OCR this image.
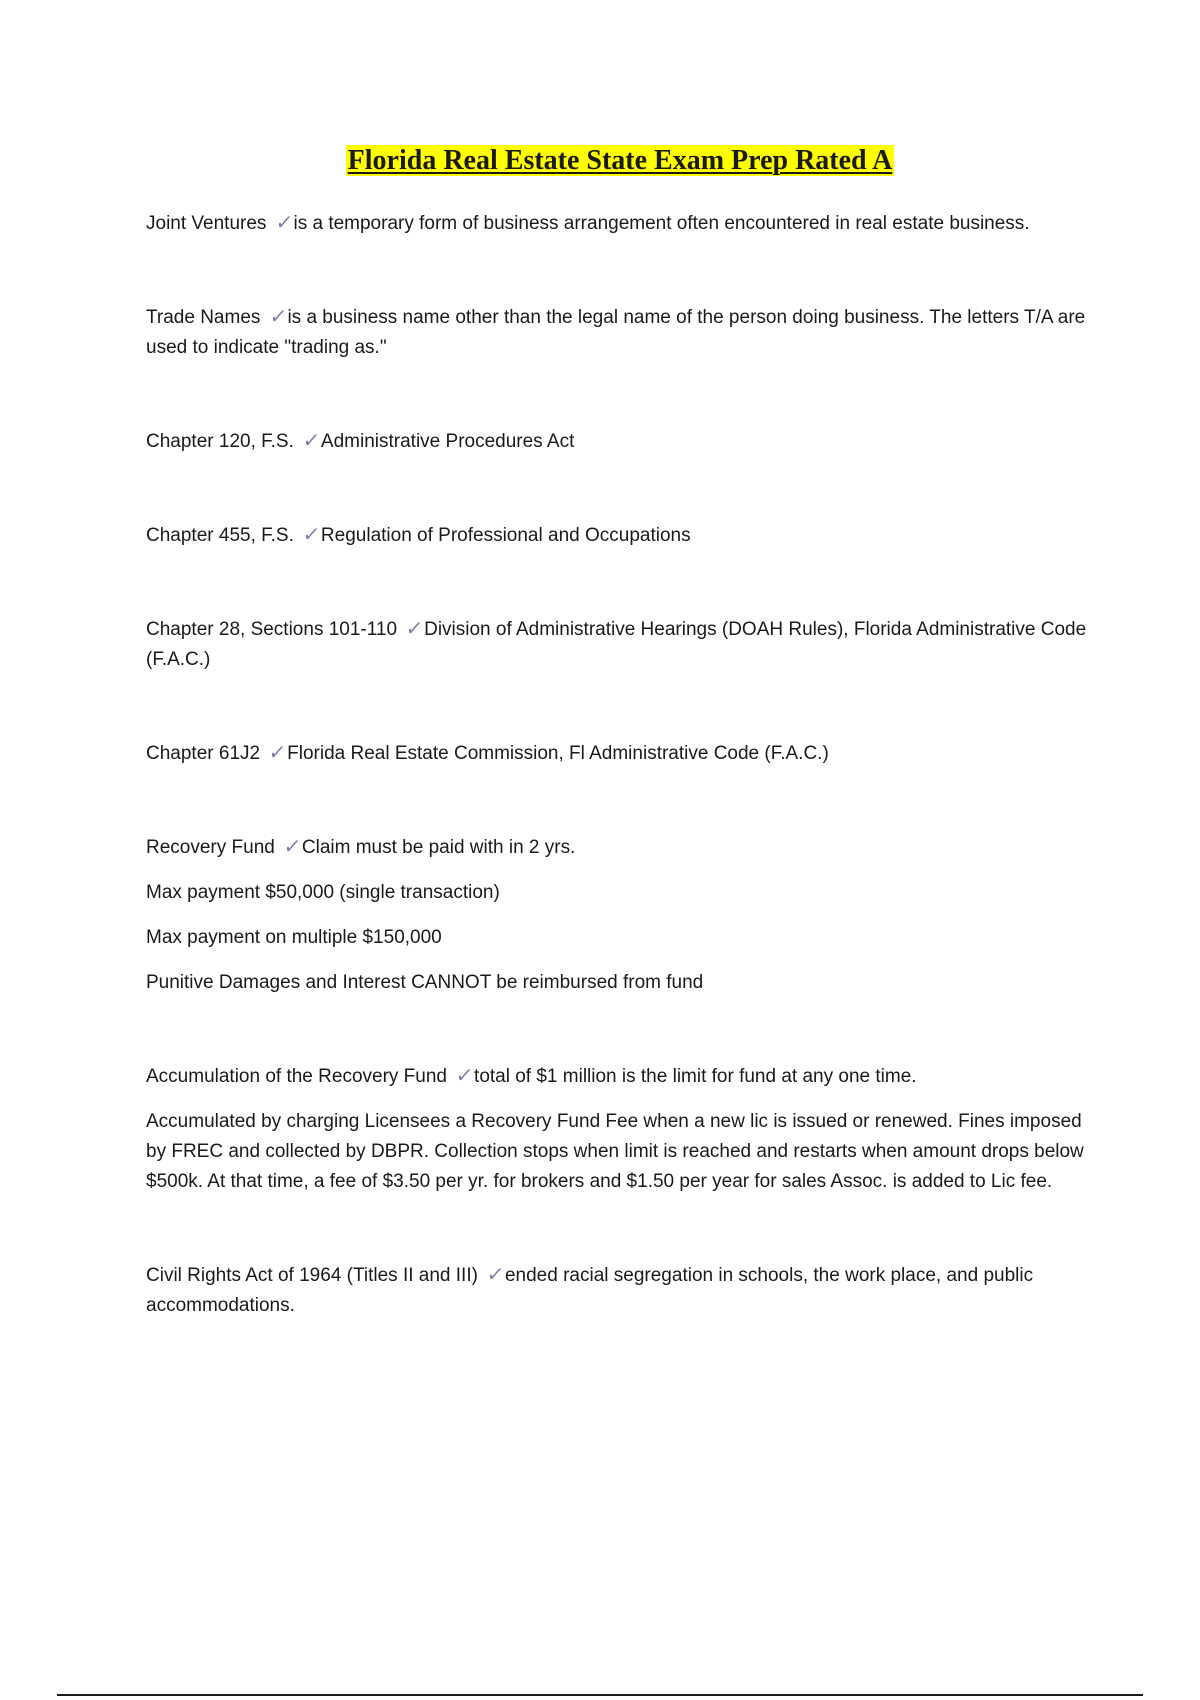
Florida Real Estate State Exam Prep Rated A

Joint Ventures ✓is a temporary form of business arrangement often encountered in real estate business.

Trade Names ✓is a business name other than the legal name of the person doing business. The letters T/A are used to indicate "trading as."

Chapter 120, F.S. ✓Administrative Procedures Act

Chapter 455, F.S. ✓Regulation of Professional and Occupations

Chapter 28, Sections 101-110 ✓Division of Administrative Hearings (DOAH Rules), Florida Administrative Code (F.A.C.)

Chapter 61J2 ✓Florida Real Estate Commission, Fl Administrative Code (F.A.C.)

Recovery Fund ✓Claim must be paid with in 2 yrs.

Max payment $50,000 (single transaction)

Max payment on multiple $150,000

Punitive Damages and Interest CANNOT be reimbursed from fund

Accumulation of the Recovery Fund ✓total of $1 million is the limit for fund at any one time.

Accumulated by charging Licensees a Recovery Fund Fee when a new lic is issued or renewed. Fines imposed by FREC and collected by DBPR. Collection stops when limit is reached and restarts when amount drops below $500k. At that time, a fee of $3.50 per yr. for brokers and $1.50 per year for sales Assoc. is added to Lic fee.

Civil Rights Act of 1964 (Titles II and III) ✓ended racial segregation in schools, the work place, and public accommodations.
